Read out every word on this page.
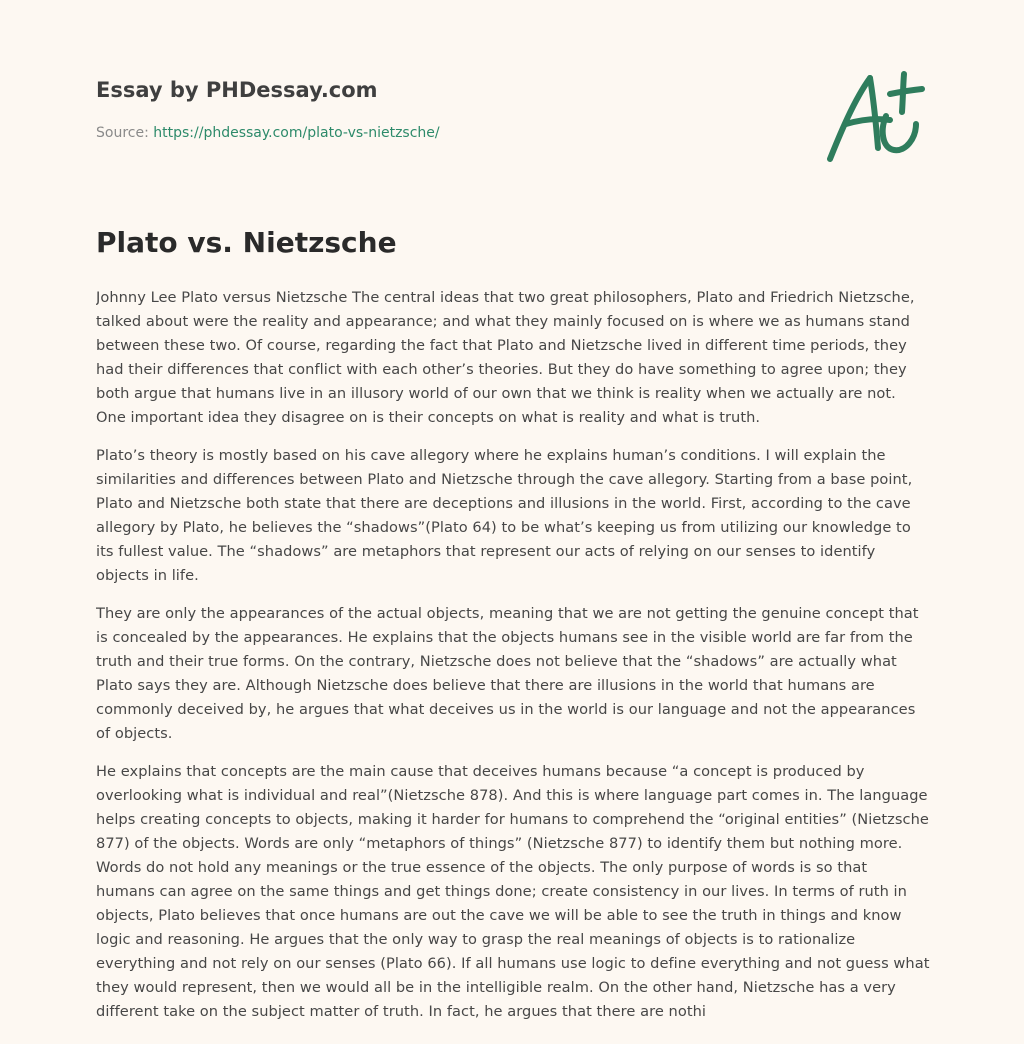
Essay by PHDessay.com
Source: https://phdessay.com/plato-vs-nietzsche/
Plato vs. Nietzsche

Johnny Lee Plato versus Nietzsche The central ideas that two great philosophers, Plato and Friedrich Nietzsche, talked about were the reality and appearance; and what they mainly focused on is where we as humans stand between these two. Of course, regarding the fact that Plato and Nietzsche lived in different time periods, they had their differences that conflict with each other’s theories. But they do have something to agree upon; they both argue that humans live in an illusory world of our own that we think is reality when we actually are not. One important idea they disagree on is their concepts on what is reality and what is truth.

Plato’s theory is mostly based on his cave allegory where he explains human’s conditions. I will explain the similarities and differences between Plato and Nietzsche through the cave allegory. Starting from a base point, Plato and Nietzsche both state that there are deceptions and illusions in the world. First, according to the cave allegory by Plato, he believes the “shadows”(Plato 64) to be what’s keeping us from utilizing our knowledge to its fullest value. The “shadows” are metaphors that represent our acts of relying on our senses to identify objects in life.

They are only the appearances of the actual objects, meaning that we are not getting the genuine concept that is concealed by the appearances. He explains that the objects humans see in the visible world are far from the truth and their true forms. On the contrary, Nietzsche does not believe that the “shadows” are actually what Plato says they are. Although Nietzsche does believe that there are illusions in the world that humans are commonly deceived by, he argues that what deceives us in the world is our language and not the appearances of objects.

He explains that concepts are the main cause that deceives humans because “a concept is produced by overlooking what is individual and real”(Nietzsche 878). And this is where language part comes in. The language helps creating concepts to objects, making it harder for humans to comprehend the “original entities” (Nietzsche 877) of the objects. Words are only “metaphors of things” (Nietzsche 877) to identify them but nothing more. Words do not hold any meanings or the true essence of the objects. The only purpose of words is so that humans can agree on the same things and get things done; create consistency in our lives. In terms of ruth in objects, Plato believes that once humans are out the cave we will be able to see the truth in things and know logic and reasoning. He argues that the only way to grasp the real meanings of objects is to rationalize everything and not rely on our senses (Plato 66). If all humans use logic to define everything and not guess what they would represent, then we would all be in the intelligible realm. On the other hand, Nietzsche has a very different take on the subject matter of truth. In fact, he argues that there are nothi
